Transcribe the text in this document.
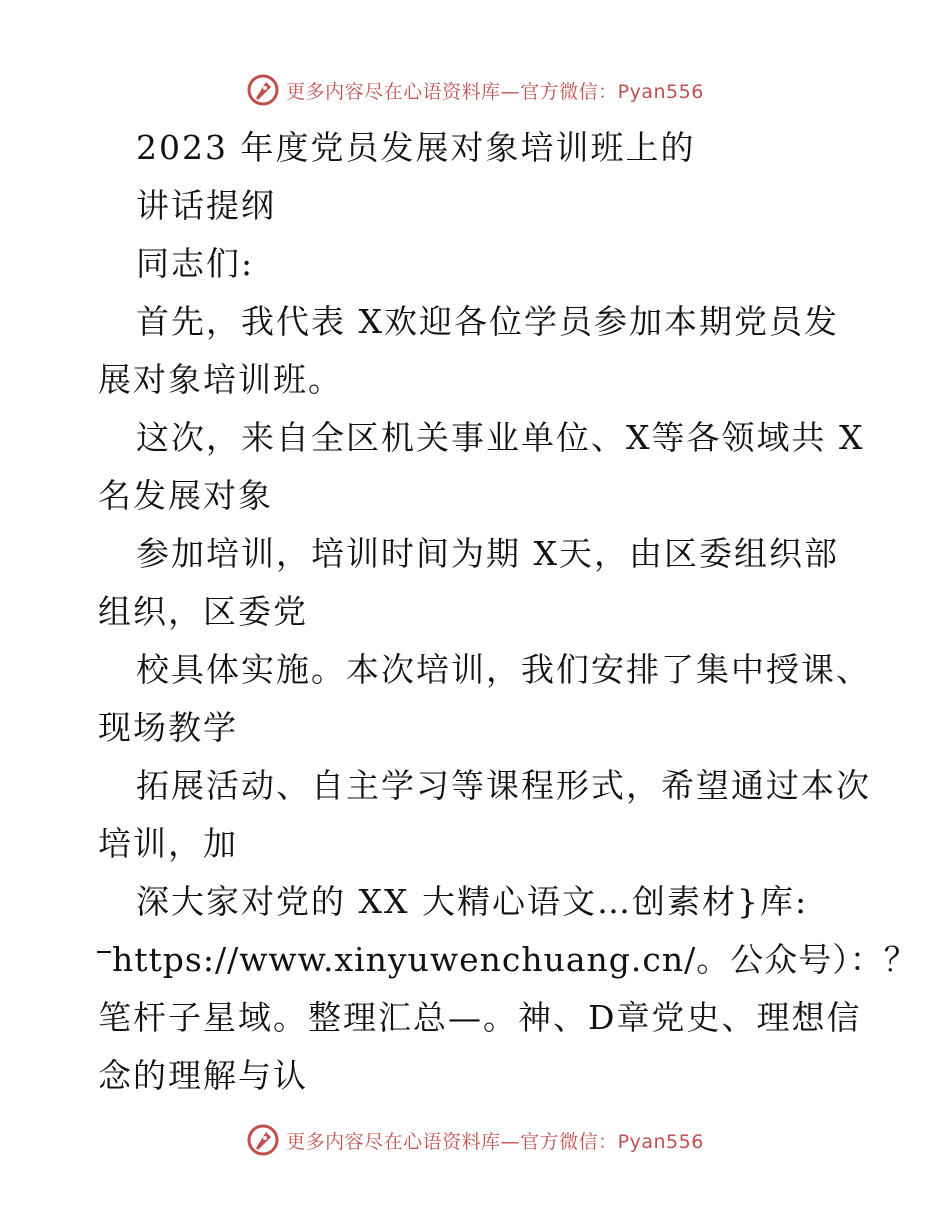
更多内容尽在心语资料库—官方微信：Pyan556
2023 年度党员发展对象培训班上的
讲话提纲
同志们:
首先，我代表 X欢迎各位学员参加本期党员发
展对象培训班。
这次，来自全区机关事业单位、X等各领域共 X
名发展对象
参加培训，培训时间为期 X天，由区委组织部
组织，区委党
校具体实施。本次培训，我们安排了集中授课、
现场教学
拓展活动、自主学习等课程形式，希望通过本次
培训，加
深大家对党的 XX 大精心语文…创素材}库:
https://www.xinyuwenchuang.cn/。公众号）：？
笔杆子星域。整理汇总—。神、D章党史、理想信
念的理解与认
更多内容尽在心语资料库—官方微信：Pyan556
